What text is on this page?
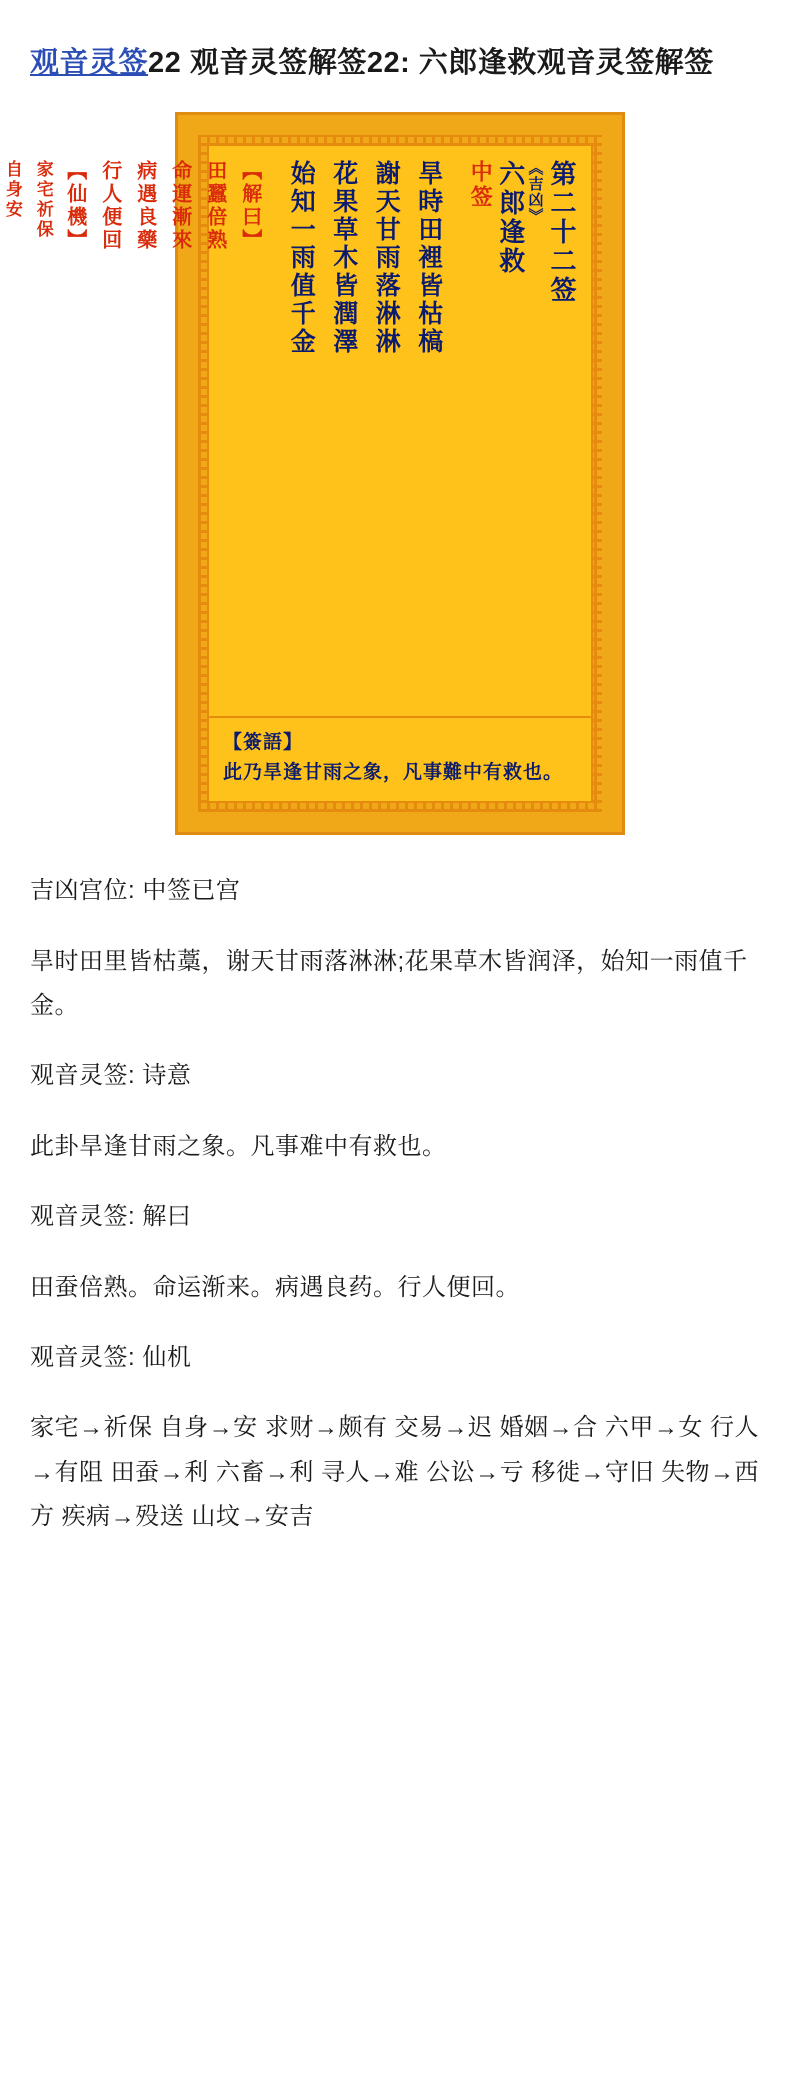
观音灵签22 观音灵签解签22: 六郎逢救观音灵签解签
第二十二签
《吉凶》
六郎逢救
中签
旱時田裡皆枯槁
謝天甘雨落淋淋
花果草木皆潤澤
始知一雨值千金
【解曰】
田蠶倍熟
命運漸來
病遇良藥
行人便回
【仙機】
家宅祈保
自身安
【簽語】
此乃旱逢甘雨之象，凡事難中有救也。

吉凶宫位: 中签已宫

旱时田里皆枯藁，谢天甘雨落淋淋;花果草木皆润泽，始知一雨值千金。

观音灵签: 诗意

此卦旱逢甘雨之象。凡事难中有救也。

观音灵签: 解曰

田蚕倍熟。命运渐来。病遇良药。行人便回。

观音灵签: 仙机

家宅→祈保 自身→安 求财→颇有 交易→迟 婚姻→合 六甲→女 行人→有阻 田蚕→利 六畜→利 寻人→难 公讼→亏 移徙→守旧 失物→西方 疾病→殁送 山坟→安吉
